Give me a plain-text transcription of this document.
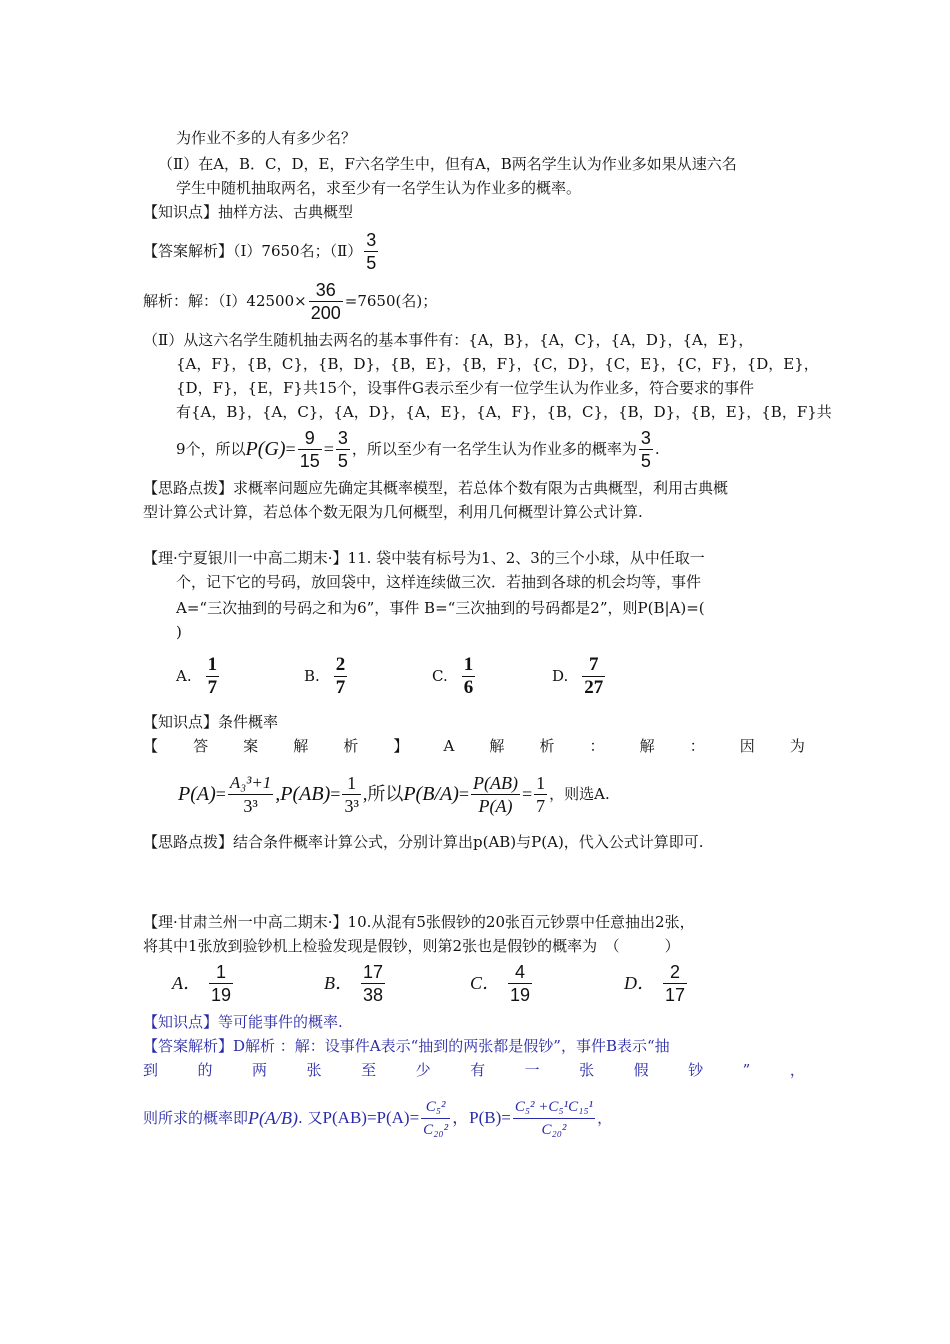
为作业不多的人有多少名？
（Ⅱ）在A，B．C，D，E，F六名学生中，但有A，B两名学生认为作业多如果从速六名
学生中随机抽取两名，求至少有一名学生认为作业多的概率。
【知识点】抽样方法、古典概型
【答案解析】（Ⅰ）7650名；（Ⅱ） $\frac{3}{5}$
解析：解：（Ⅰ）42500× $\frac{36}{200} =7650$(名)；
（Ⅱ）从这六名学生随机抽去两名的基本事件有：{A，B}，{A，C}，{A，D}，{A，E}，
{A，F}，{B，C}，{B，D}，{B，E}，{B，F}，{C，D}，{C，E}，{C，F}，{D，E}，
{D，F}，{E，F}共15个，设事件G表示至少有一位学生认为作业多，符合要求的事件
有{A，B}，{A，C}，{A，D}，{A，E}，{A，F}，{B，C}，{B，D}，{B，E}，{B，F}共
9个，所以 $P(G) = \frac{9}{15} = \frac{3}{5}$ ，所以至少有一名学生认为作业多的概率为 $\frac{3}{5}$ .
【思路点拨】求概率问题应先确定其概率模型，若总体个数有限为古典概型，利用古典概
型计算公式计算，若总体个数无限为几何概型，利用几何概型计算公式计算.
【理·宁夏银川一中高二期末·】11. 袋中装有标号为1、2、3的三个小球，从中任取一
个，记下它的号码，放回袋中，这样连续做三次．若抽到各球的机会均等，事件
A=“三次抽到的号码之和为6”，事件 B=“三次抽到的号码都是2”，则P(B|A)=(
)
A. $\frac{1}{7}$	B. $\frac{2}{7}$	C. $\frac{1}{6}$	D. $\frac{7}{27}$
【知识点】条件概率
【 答 案 解 析 】 A 解 析 ： 解 ： 因 为
$P(A) = \frac{\text{A₃³+1}}{\text{3³}} ,P(AB) = \frac{1}{\text{3³}}$ ,所以 $P(B/A) = \frac{P(AB)}{P(A)} = \frac{1}{7}$ ，则选A.
【思路点拨】结合条件概率计算公式，分别计算出p(AB)与P(A)，代入公式计算即可.
【理·甘肃兰州一中高二期末·】10.从混有5张假钞的20张百元钞票中任意抽出2张，
将其中1张放到验钞机上检验发现是假钞，则第2张也是假钞的概率为　（　　　）
A． $\frac{1}{19}$	B． $\frac{17}{38}$	C． $\frac{4}{19}$	D． $\frac{2}{17}$
【知识点】等可能事件的概率.
【答案解析】D解析 ：解：设事件A表示“抽到的两张都是假钞”，事件B表示“抽
到	的	两	张	至	少	有	一	张	假	钞	”	，
则所求的概率即 P(A/B) . 又 $P(AB)=P(A)= \frac{\text{C₅²}}{\text{C₂₀²}}$ ，$P(B)= \frac{\text{C₅² +C₅¹C₁₅¹}}{\text{C₂₀²}}$ ，
